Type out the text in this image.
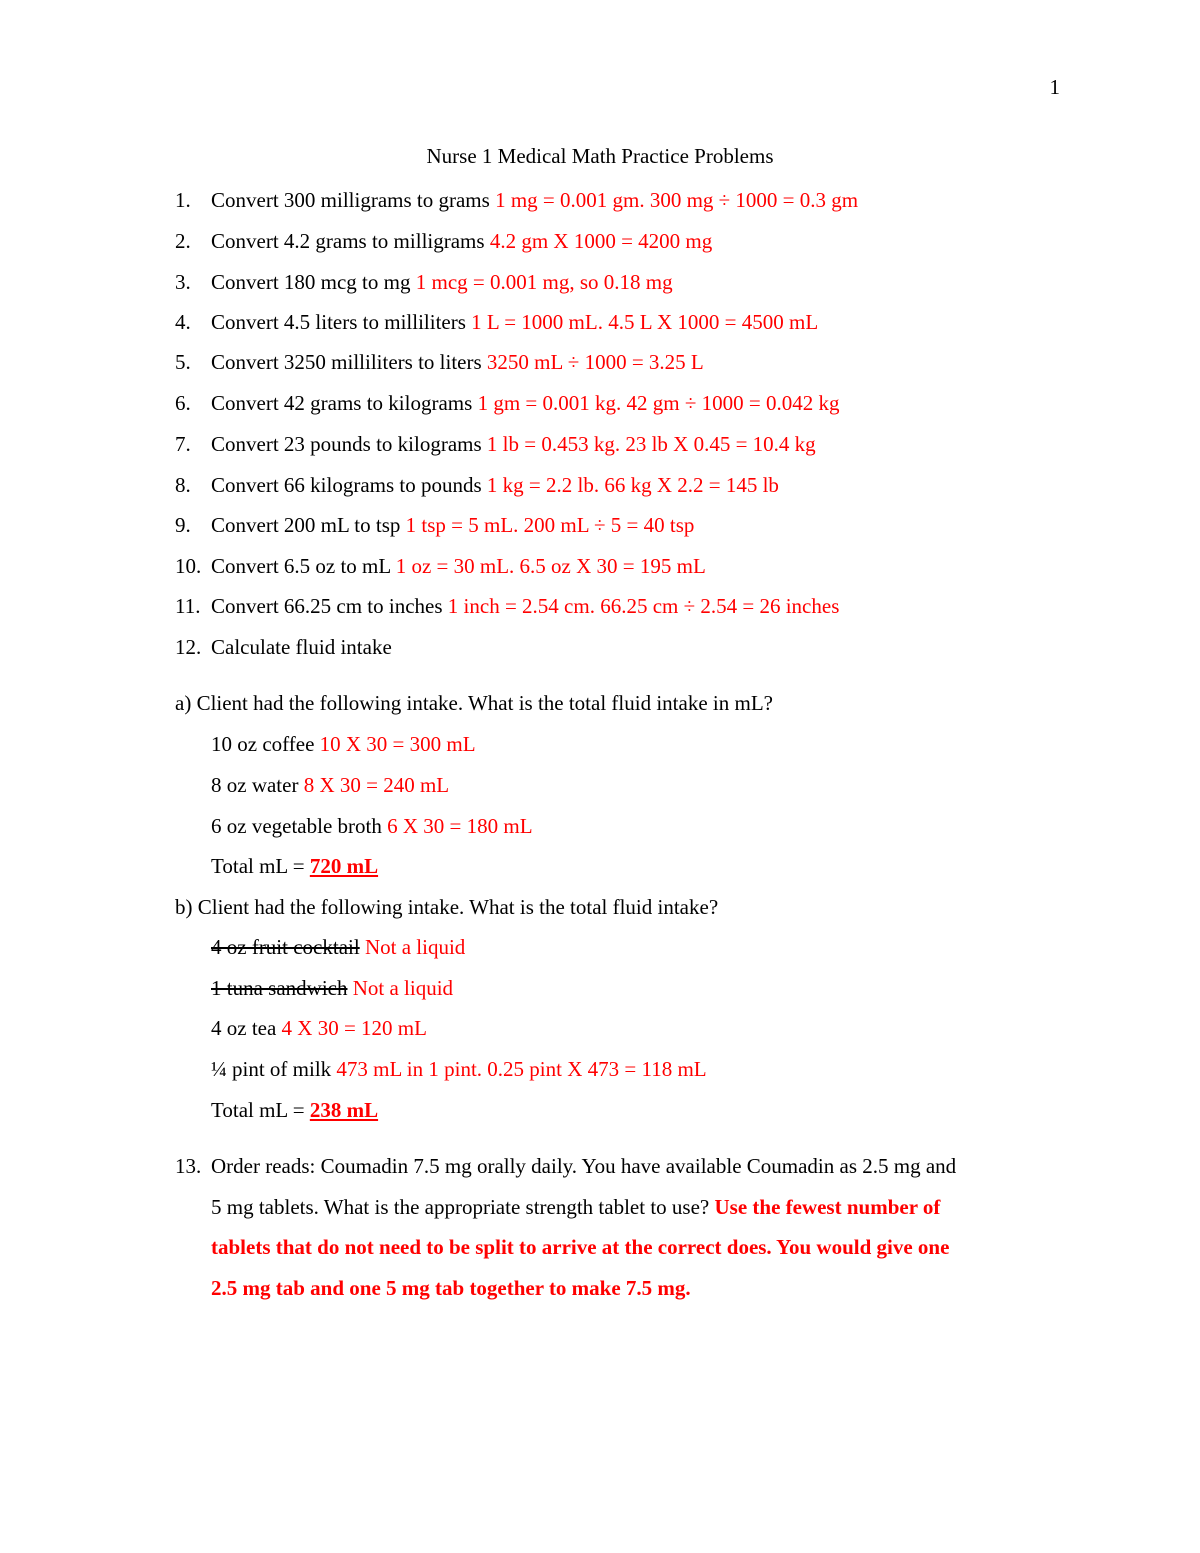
1
Nurse 1 Medical Math Practice Problems
1. Convert 300 milligrams to grams 1 mg = 0.001 gm. 300 mg ÷ 1000 = 0.3 gm
2. Convert 4.2 grams to milligrams 4.2 gm X 1000 = 4200 mg
3. Convert 180 mcg to mg 1 mcg = 0.001 mg, so 0.18 mg
4. Convert 4.5 liters to milliliters 1 L = 1000 mL. 4.5 L X 1000 = 4500 mL
5. Convert 3250 milliliters to liters 3250 mL ÷ 1000 = 3.25 L
6. Convert 42 grams to kilograms 1 gm = 0.001 kg. 42 gm ÷ 1000 = 0.042 kg
7. Convert 23 pounds to kilograms 1 lb = 0.453 kg. 23 lb X 0.45 = 10.4 kg
8. Convert 66 kilograms to pounds 1 kg = 2.2 lb. 66 kg X 2.2 = 145 lb
9. Convert 200 mL to tsp 1 tsp = 5 mL. 200 mL ÷ 5 = 40 tsp
10. Convert 6.5 oz to mL 1 oz = 30 mL. 6.5 oz X 30 = 195 mL
11. Convert 66.25 cm to inches 1 inch = 2.54 cm. 66.25 cm ÷ 2.54 = 26 inches
12. Calculate fluid intake
a) Client had the following intake. What is the total fluid intake in mL?
10 oz coffee 10 X 30 = 300 mL
8 oz water 8 X 30 = 240 mL
6 oz vegetable broth 6 X 30 = 180 mL
Total mL = 720 mL
b) Client had the following intake. What is the total fluid intake?
4 oz fruit cocktail Not a liquid
1 tuna sandwich Not a liquid
4 oz tea 4 X 30 = 120 mL
¼ pint of milk 473 mL in 1 pint. 0.25 pint X 473 = 118 mL
Total mL = 238 mL
13. Order reads: Coumadin 7.5 mg orally daily. You have available Coumadin as 2.5 mg and
5 mg tablets. What is the appropriate strength tablet to use? Use the fewest number of
tablets that do not need to be split to arrive at the correct does. You would give one
2.5 mg tab and one 5 mg tab together to make 7.5 mg.
